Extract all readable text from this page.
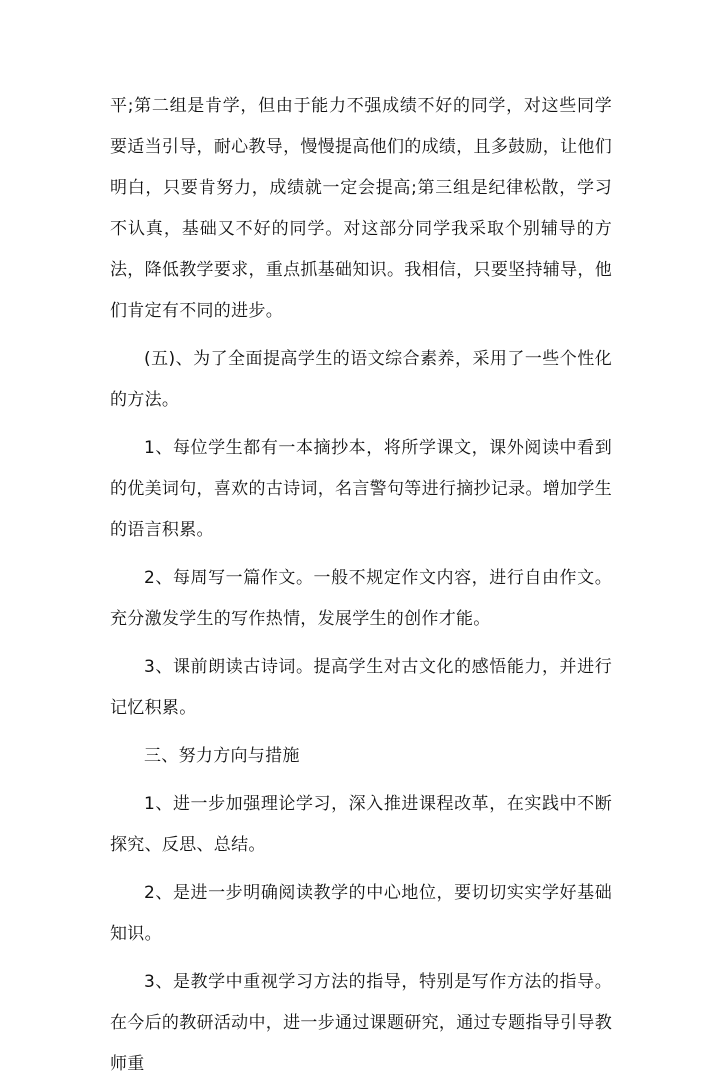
平;第二组是肯学，但由于能力不强成绩不好的同学，对这些同学要适当引导，耐心教导，慢慢提高他们的成绩，且多鼓励，让他们明白，只要肯努力，成绩就一定会提高;第三组是纪律松散，学习不认真，基础又不好的同学。对这部分同学我采取个别辅导的方法，降低教学要求，重点抓基础知识。我相信，只要坚持辅导，他们肯定有不同的进步。

(五)、为了全面提高学生的语文综合素养，采用了一些个性化的方法。

1、每位学生都有一本摘抄本，将所学课文，课外阅读中看到的优美词句，喜欢的古诗词，名言警句等进行摘抄记录。增加学生的语言积累。

2、每周写一篇作文。一般不规定作文内容，进行自由作文。充分激发学生的写作热情，发展学生的创作才能。

3、课前朗读古诗词。提高学生对古文化的感悟能力，并进行记忆积累。

三、努力方向与措施

1、进一步加强理论学习，深入推进课程改革，在实践中不断探究、反思、总结。

2、是进一步明确阅读教学的中心地位，要切切实实学好基础知识。

3、是教学中重视学习方法的指导，特别是写作方法的指导。在今后的教研活动中，进一步通过课题研究，通过专题指导引导教师重
